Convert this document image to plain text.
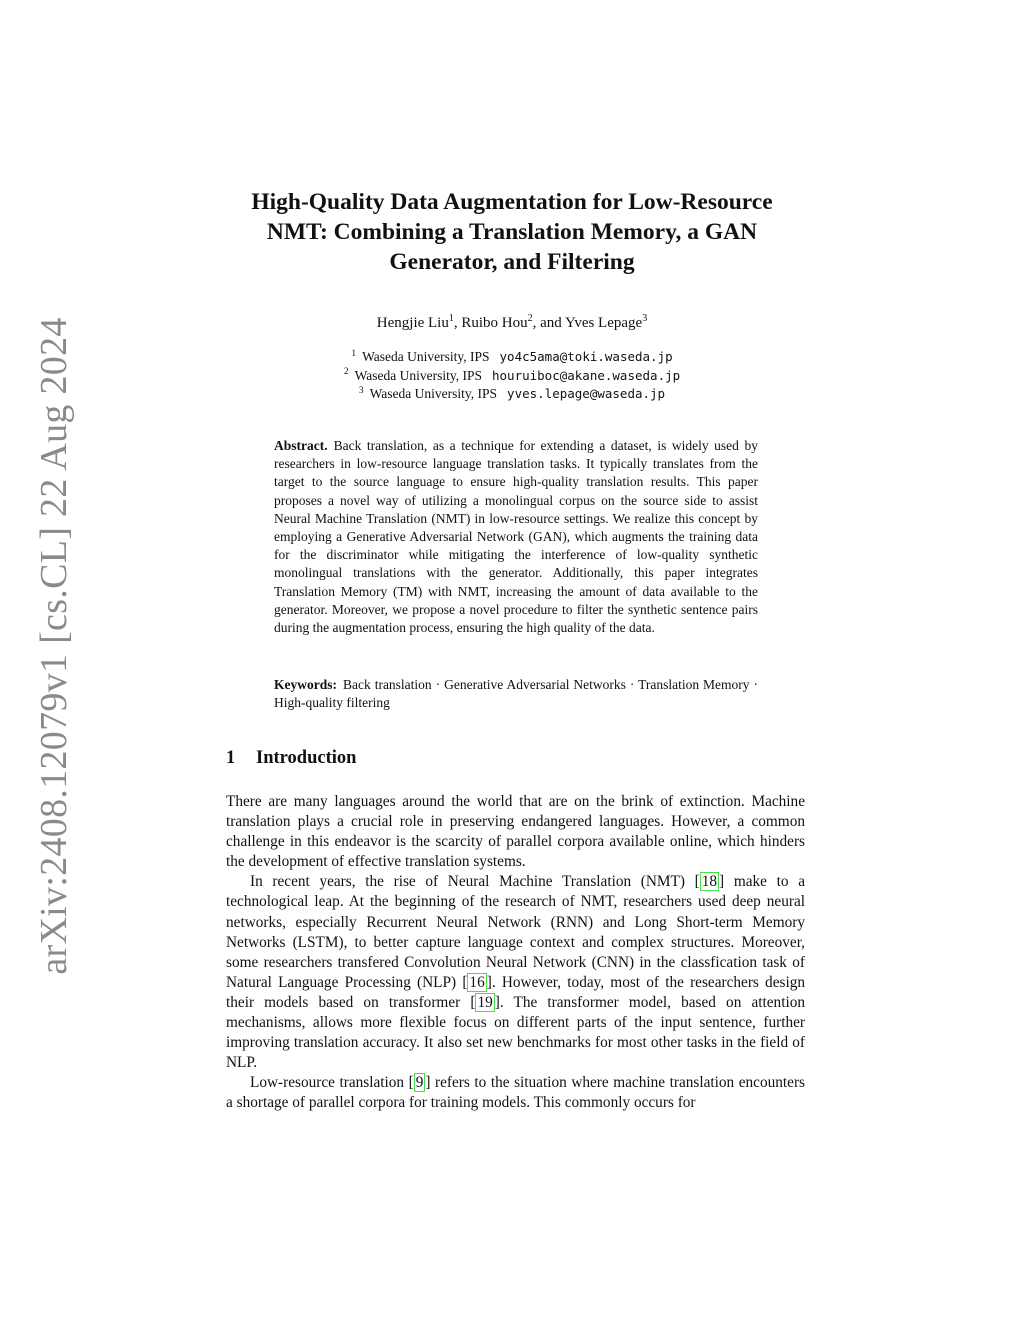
arXiv:2408.12079v1 [cs.CL] 22 Aug 2024
High-Quality Data Augmentation for Low-Resource
NMT: Combining a Translation Memory, a GAN
Generator, and Filtering
Hengjie Liu$^1$, Ruibo Hou$^2$, and Yves Lepage$^3$
$^1$ Waseda University, IPS yo4c5ama@toki.waseda.jp
$^2$ Waseda University, IPS houruiboc@akane.waseda.jp
$^3$ Waseda University, IPS yves.lepage@waseda.jp

Abstract. Back translation, as a technique for extending a dataset, is widely used by researchers in low-resource language translation tasks. It typically translates from the target to the source language to ensure high-quality translation results. This paper proposes a novel way of utilizing a monolingual corpus on the source side to assist Neural Machine Translation (NMT) in low-resource settings. We realize this concept by employing a Generative Adversarial Network (GAN), which augments the training data for the discriminator while mitigating the interference of low-quality synthetic monolingual translations with the generator. Additionally, this paper integrates Translation Memory (TM) with NMT, increasing the amount of data available to the generator. Moreover, we propose a novel procedure to filter the synthetic sentence pairs during the augmentation process, ensuring the high quality of the data.

Keywords: Back translation · Generative Adversarial Networks · Translation Memory · High-quality filtering

1 Introduction

There are many languages around the world that are on the brink of extinction. Machine translation plays a crucial role in preserving endangered languages. However, a common challenge in this endeavor is the scarcity of parallel corpora available online, which hinders the development of effective translation systems.

In recent years, the rise of Neural Machine Translation (NMT) [ 18 ] make to a technological leap. At the beginning of the research of NMT, researchers used deep neural networks, especially Recurrent Neural Network (RNN) and Long Short-term Memory Networks (LSTM), to better capture language context and complex structures. Moreover, some researchers transfered Convolution Neural Network (CNN) in the classfication task of Natural Language Processing (NLP) [ 16 ]. However, today, most of the researchers design their models based on transformer [ 19 ]. The transformer model, based on attention mechanisms, allows more flexible focus on different parts of the input sentence, further improving translation accuracy. It also set new benchmarks for most other tasks in the field of NLP.

Low-resource translation [ 9 ] refers to the situation where machine translation encounters a shortage of parallel corpora for training models. This commonly occurs for
